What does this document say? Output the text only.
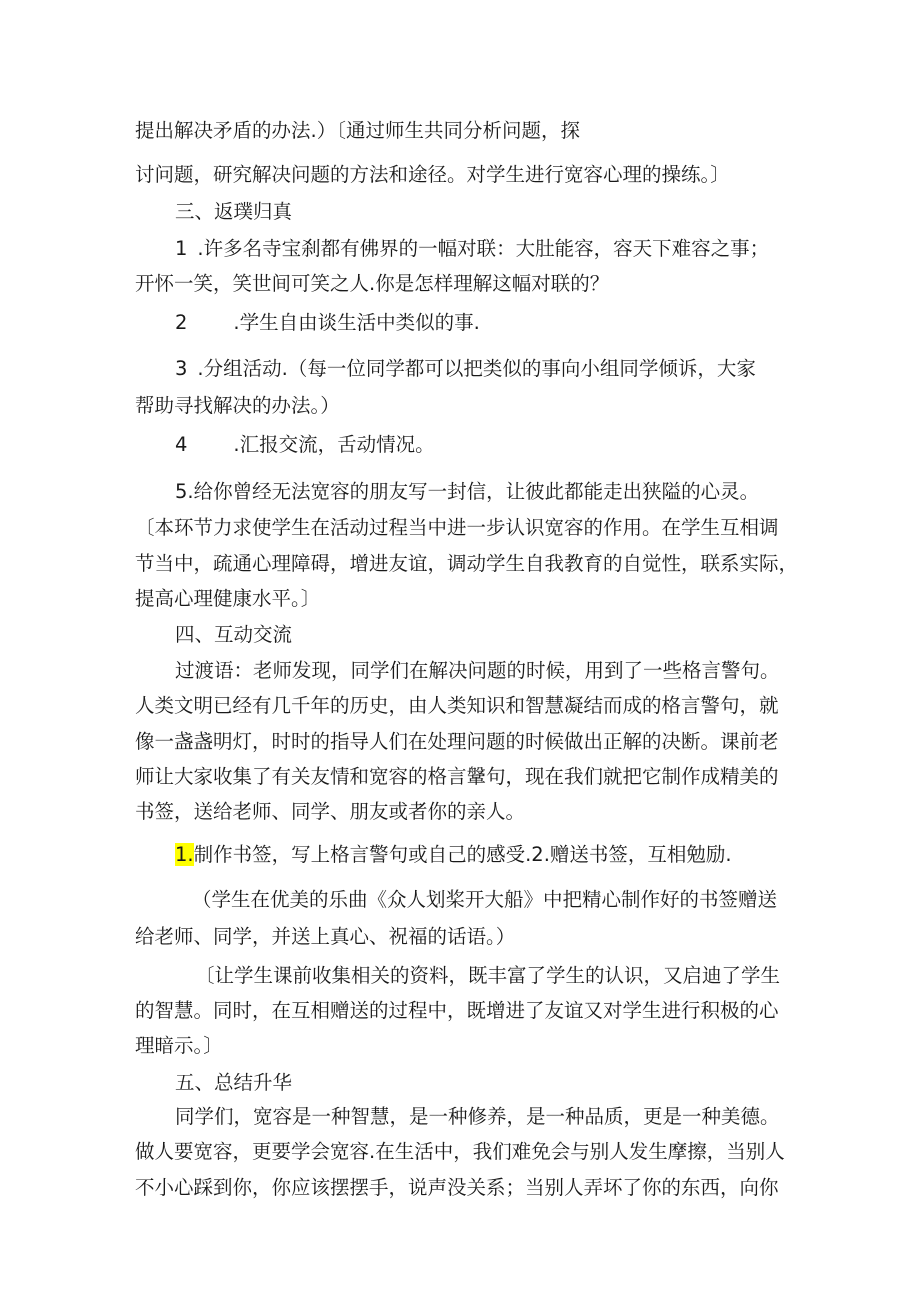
提出解决矛盾的办法.）〔通过师生共同分析问题，探
讨问题，研究解决问题的方法和途径。对学生进行宽容心理的操练。〕
三、返璞归真
1 .许多名寺宝刹都有佛界的一幅对联：大肚能容，容天下难容之事；
开怀一笑，笑世间可笑之人.你是怎样理解这幅对联的？
2 .学生自由谈生活中类似的事.
3 .分组活动.（每一位同学都可以把类似的事向小组同学倾诉，大家
帮助寻找解决的办法。）
4 .汇报交流，舌动情况。
5.给你曾经无法宽容的朋友写一封信，让彼此都能走出狭隘的心灵。
〔本环节力求使学生在活动过程当中进一步认识宽容的作用。在学生互相调
节当中，疏通心理障碍，增进友谊，调动学生自我教育的自觉性，联系实际，
提高心理健康水平。〕
四、互动交流
过渡语：老师发现，同学们在解决问题的时候，用到了一些格言警句。
人类文明已经有几千年的历史，由人类知识和智慧凝结而成的格言警句，就
像一盏盏明灯，时时的指导人们在处理问题的时候做出正解的决断。课前老
师让大家收集了有关友情和宽容的格言鞶句，现在我们就把它制作成精美的
书签，送给老师、同学、朋友或者你的亲人。
1.制作书签，写上格言警句或自己的感受.2.赠送书签，互相勉励.
（学生在优美的乐曲《众人划桨开大船》中把精心制作好的书签赠送
给老师、同学，并送上真心、祝福的话语。）
〔让学生课前收集相关的资料，既丰富了学生的认识，又启迪了学生
的智慧。同时，在互相赠送的过程中，既增进了友谊又对学生进行积极的心
理暗示。〕
五、总结升华
同学们，宽容是一种智慧，是一种修养，是一种品质，更是一种美德。
做人要宽容，更要学会宽容.在生活中，我们难免会与别人发生摩擦，当别人
不小心踩到你，你应该摆摆手，说声没关系；当别人弄坏了你的东西，向你
